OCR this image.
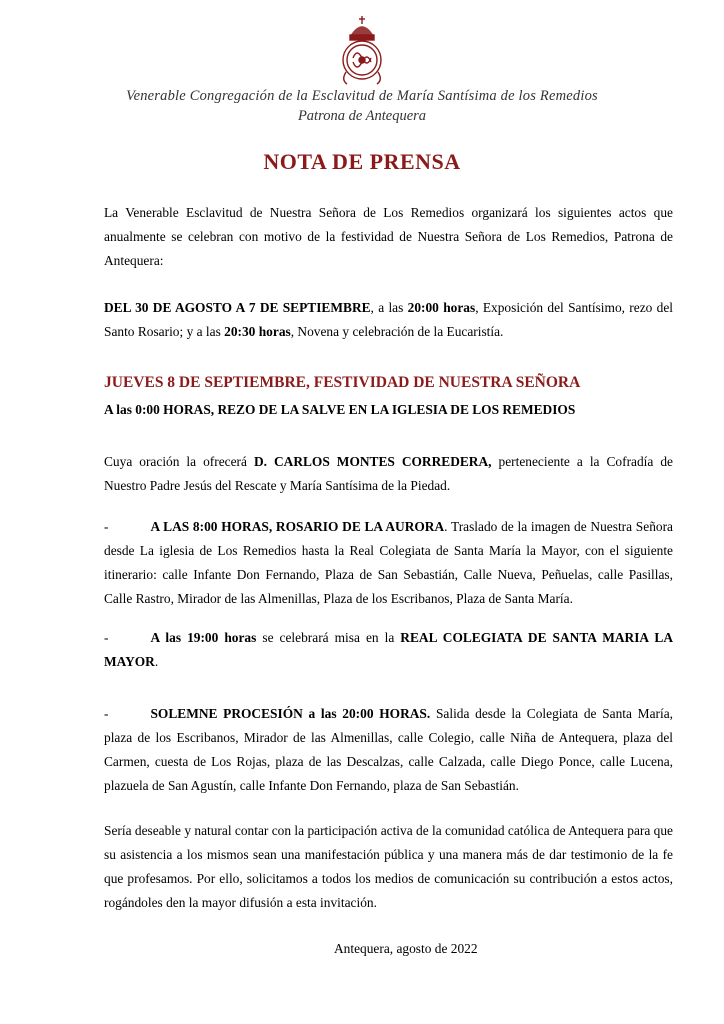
Venerable Congregación de la Esclavitud de María Santísima de los Remedios
Patrona de Antequera
NOTA DE PRENSA
La Venerable Esclavitud de Nuestra Señora de Los Remedios organizará los siguientes actos que anualmente se celebran con motivo de la festividad de Nuestra Señora de Los Remedios, Patrona de Antequera:
DEL 30 DE AGOSTO A 7 DE SEPTIEMBRE, a las 20:00 horas, Exposición del Santísimo, rezo del Santo Rosario; y a las 20:30 horas, Novena y celebración de la Eucaristía.
JUEVES 8 DE SEPTIEMBRE, FESTIVIDAD DE NUESTRA SEÑORA
A las 0:00 HORAS, REZO DE LA SALVE EN LA IGLESIA DE LOS REMEDIOS
Cuya oración la ofrecerá D. CARLOS MONTES CORREDERA, perteneciente a la Cofradía de Nuestro Padre Jesús del Rescate y María Santísima de la Piedad.
-	A LAS 8:00 HORAS, ROSARIO DE LA AURORA. Traslado de la imagen de Nuestra Señora desde La iglesia de Los Remedios hasta la Real Colegiata de Santa María la Mayor, con el siguiente itinerario: calle Infante Don Fernando, Plaza de San Sebastián, Calle Nueva, Peñuelas, calle Pasillas, Calle Rastro, Mirador de las Almenillas, Plaza de los Escribanos, Plaza de Santa María.
-	A las 19:00 horas se celebrará misa en la REAL COLEGIATA DE SANTA MARIA LA MAYOR.
-	SOLEMNE PROCESIÓN a las 20:00 HORAS. Salida desde la Colegiata de Santa María, plaza de los Escribanos, Mirador de las Almenillas, calle Colegio, calle Niña de Antequera, plaza del Carmen, cuesta de Los Rojas, plaza de las Descalzas, calle Calzada, calle Diego Ponce, calle Lucena, plazuela de San Agustín, calle Infante Don Fernando, plaza de San Sebastián.
Sería deseable y natural contar con la participación activa de la comunidad católica de Antequera para que su asistencia a los mismos sean una manifestación pública y una manera más de dar testimonio de la fe que profesamos. Por ello, solicitamos a todos los medios de comunicación su contribución a estos actos, rogándoles den la mayor difusión a esta invitación.
Antequera, agosto de 2022
